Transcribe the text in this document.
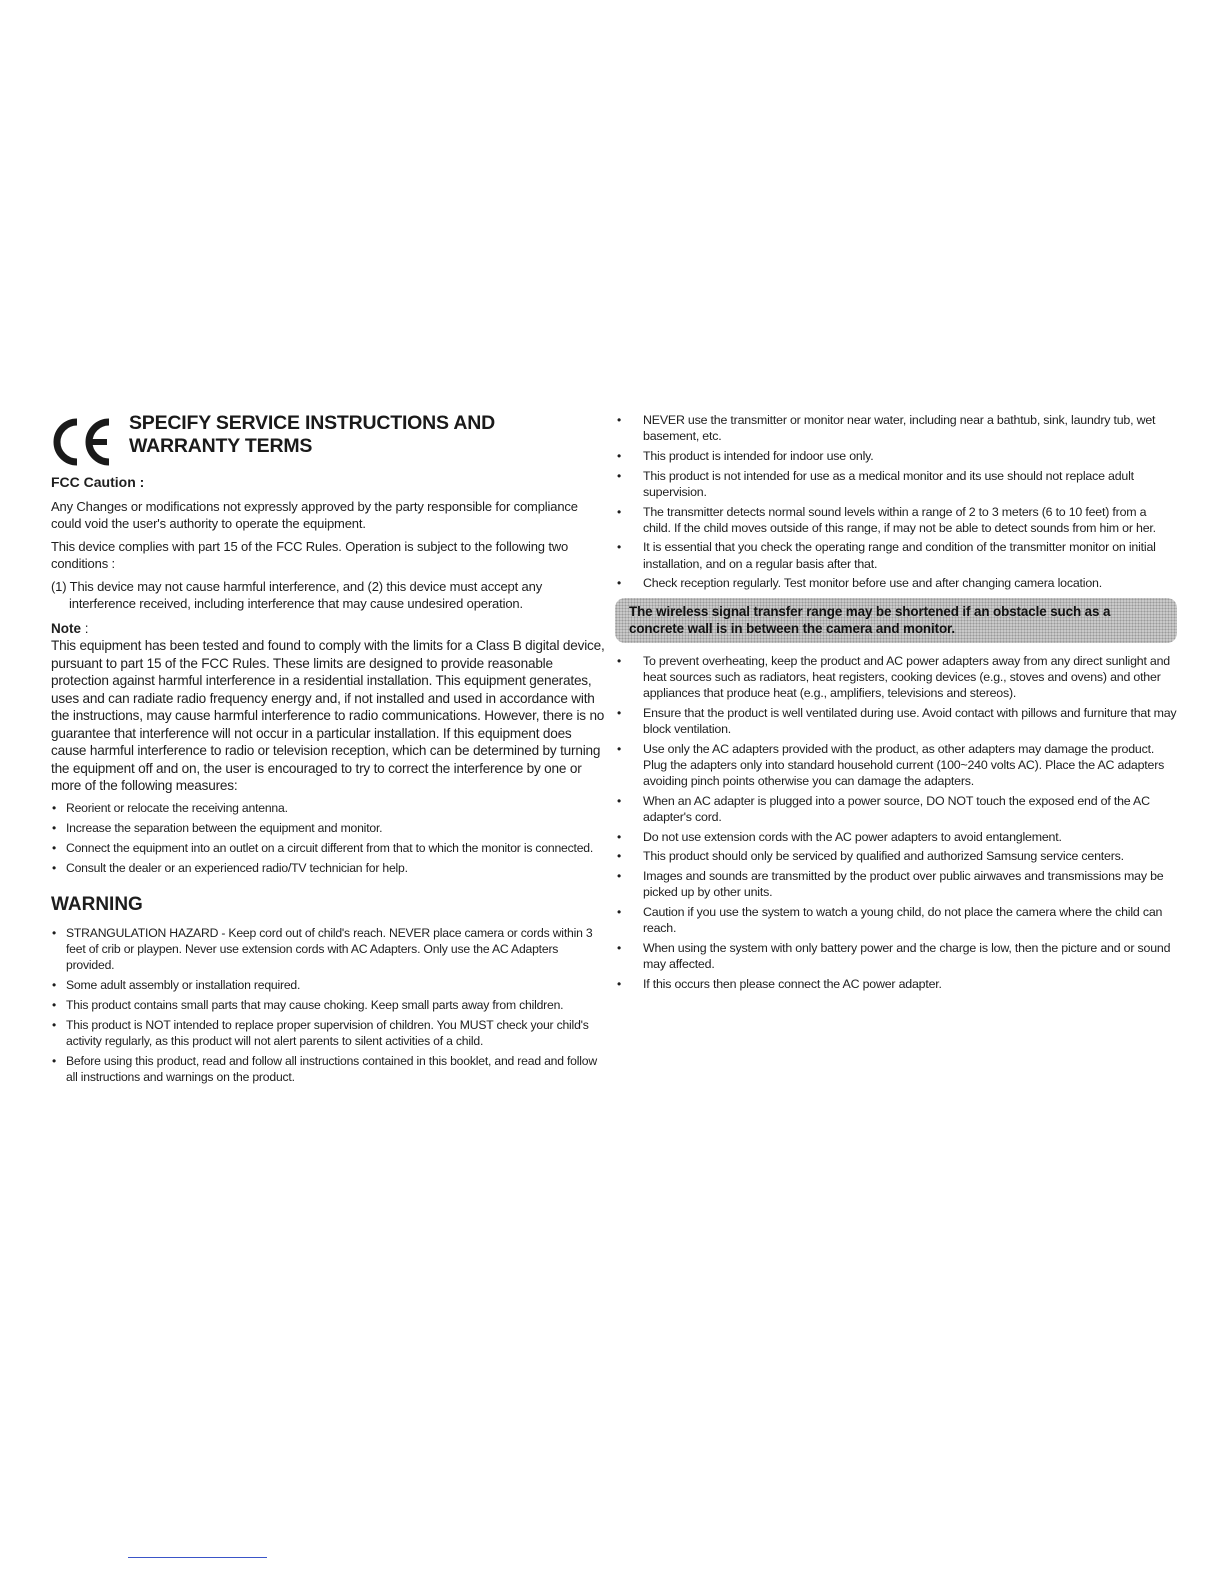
SPECIFY SERVICE INSTRUCTIONS AND WARRANTY TERMS
FCC Caution :

Any Changes or modifications not expressly approved by the party responsible for compliance could void the user's authority to operate the equipment.

This device complies with part 15 of the FCC Rules. Operation is subject to the following two conditions :

(1) This device may not cause harmful interference, and (2) this device must accept any interference received, including interference that may cause undesired operation.

Note :

This equipment has been tested and found to comply with the limits for a Class B digital device, pursuant to part 15 of the FCC Rules. These limits are designed to provide reasonable protection against harmful interference in a residential installation. This equipment generates, uses and can radiate radio frequency energy and, if not installed and used in accordance with the instructions, may cause harmful interference to radio communications. However, there is no guarantee that interference will not occur in a particular installation. If this equipment does cause harmful interference to radio or television reception, which can be determined by turning the equipment off and on, the user is encouraged to try to correct the interference by one or more of the following measures:

• Reorient or relocate the receiving antenna.
• Increase the separation between the equipment and monitor.
• Connect the equipment into an outlet on a circuit different from that to which the monitor is connected.
• Consult the dealer or an experienced radio/TV technician for help.
WARNING
• STRANGULATION HAZARD - Keep cord out of child's reach. NEVER place camera or cords within 3 feet of crib or playpen. Never use extension cords with AC Adapters. Only use the AC Adapters provided.
• Some adult assembly or installation required.
• This product contains small parts that may cause choking. Keep small parts away from children.
• This product is NOT intended to replace proper supervision of children. You MUST check your child's activity regularly, as this product will not alert parents to silent activities of a child.
• Before using this product, read and follow all instructions contained in this booklet, and read and follow all instructions and warnings on the product.
• NEVER use the transmitter or monitor near water, including near a bathtub, sink, laundry tub, wet basement, etc.
• This product is intended for indoor use only.
• This product is not intended for use as a medical monitor and its use should not replace adult supervision.
• The transmitter detects normal sound levels within a range of 2 to 3 meters (6 to 10 feet) from a child. If the child moves outside of this range, if may not be able to detect sounds from him or her.
• It is essential that you check the operating range and condition of the transmitter monitor on initial installation, and on a regular basis after that.
• Check reception regularly. Test monitor before use and after changing camera location.
The wireless signal transfer range may be shortened if an obstacle such as a concrete wall is in between the camera and monitor.
• To prevent overheating, keep the product and AC power adapters away from any direct sunlight and heat sources such as radiators, heat registers, cooking devices (e.g., stoves and ovens) and other appliances that produce heat (e.g., amplifiers, televisions and stereos).
• Ensure that the product is well ventilated during use. Avoid contact with pillows and furniture that may block ventilation.
• Use only the AC adapters provided with the product, as other adapters may damage the product. Plug the adapters only into standard household current (100~240 volts AC). Place the AC adapters avoiding pinch points otherwise you can damage the adapters.
• When an AC adapter is plugged into a power source, DO NOT touch the exposed end of the AC adapter's cord.
• Do not use extension cords with the AC power adapters to avoid entanglement.
• This product should only be serviced by qualified and authorized Samsung service centers.
• Images and sounds are transmitted by the product over public airwaves and transmissions may be picked up by other units.
• Caution if you use the system to watch a young child, do not place the camera where the child can reach.
• When using the system with only battery power and the charge is low, then the picture and or sound may affected.
• If this occurs then please connect the AC power adapter.
